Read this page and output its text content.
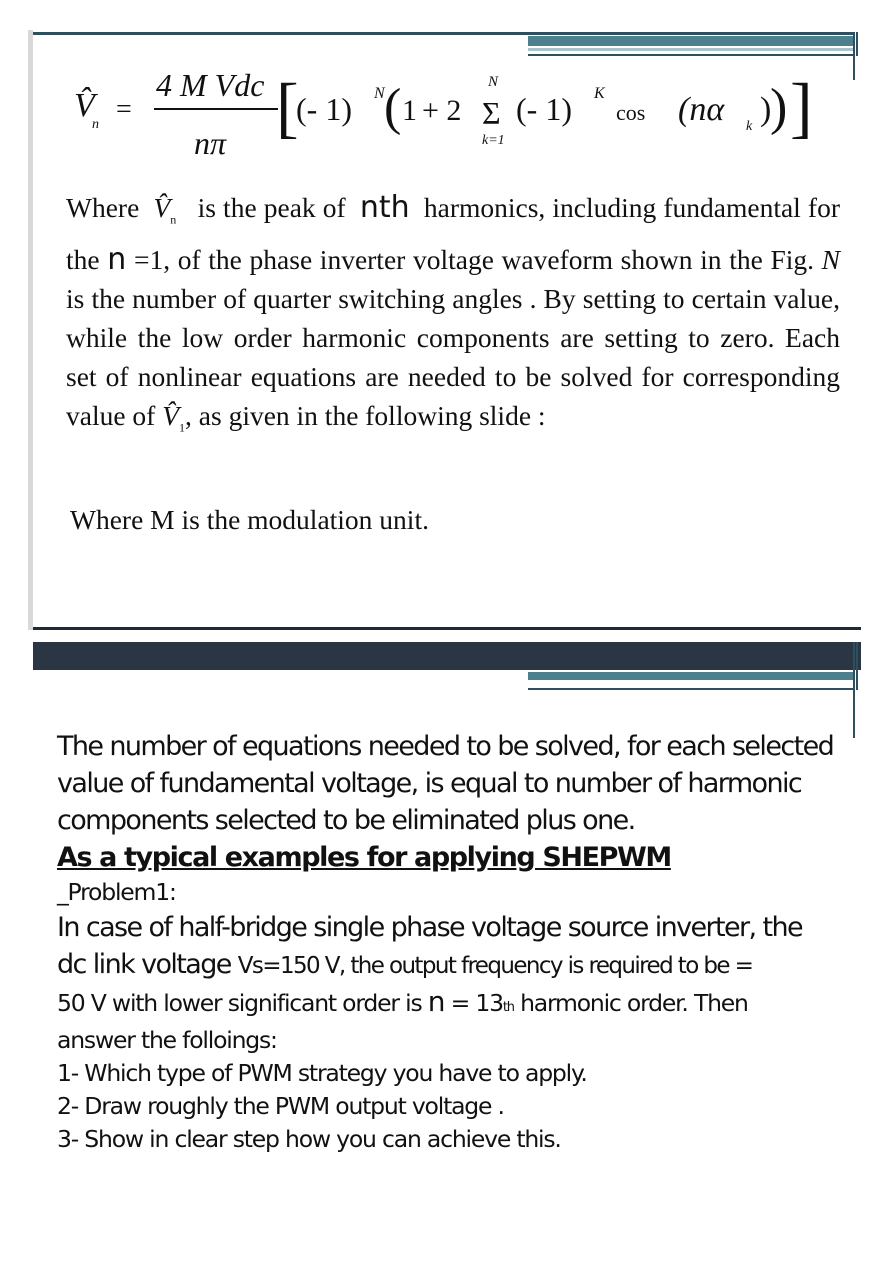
V̂
n =
4 M Vdc
nπ [
(- 1) N ( 1 + 2
N
Σ
k=1
(- 1) K
cos (nα k )
) ]
Where $V̂_n$ is the peak of nth harmonics, including fundamental for the n =1, of the phase inverter voltage waveform shown in the Fig. N is the number of quarter switching angles . By setting to certain value, while the low order harmonic components are setting to zero. Each set of nonlinear equations are needed to be solved for corresponding value of $V̂_1$, as given in the following slide :
Where M is the modulation unit.
The number of equations needed to be solved, for each selected
value of fundamental voltage, is equal to number of harmonic
components selected to be eliminated plus one.
As a typical examples for applying SHEPWM
_Problem1:
In case of half-bridge single phase voltage source inverter, the
dc link voltage Vs=150 V, the output frequency is required to be =
50 V with lower significant order is n = 13th harmonic order. Then
answer the folloings:
1- Which type of PWM strategy you have to apply.
2- Draw roughly the PWM output voltage .
3- Show in clear step how you can achieve this.
